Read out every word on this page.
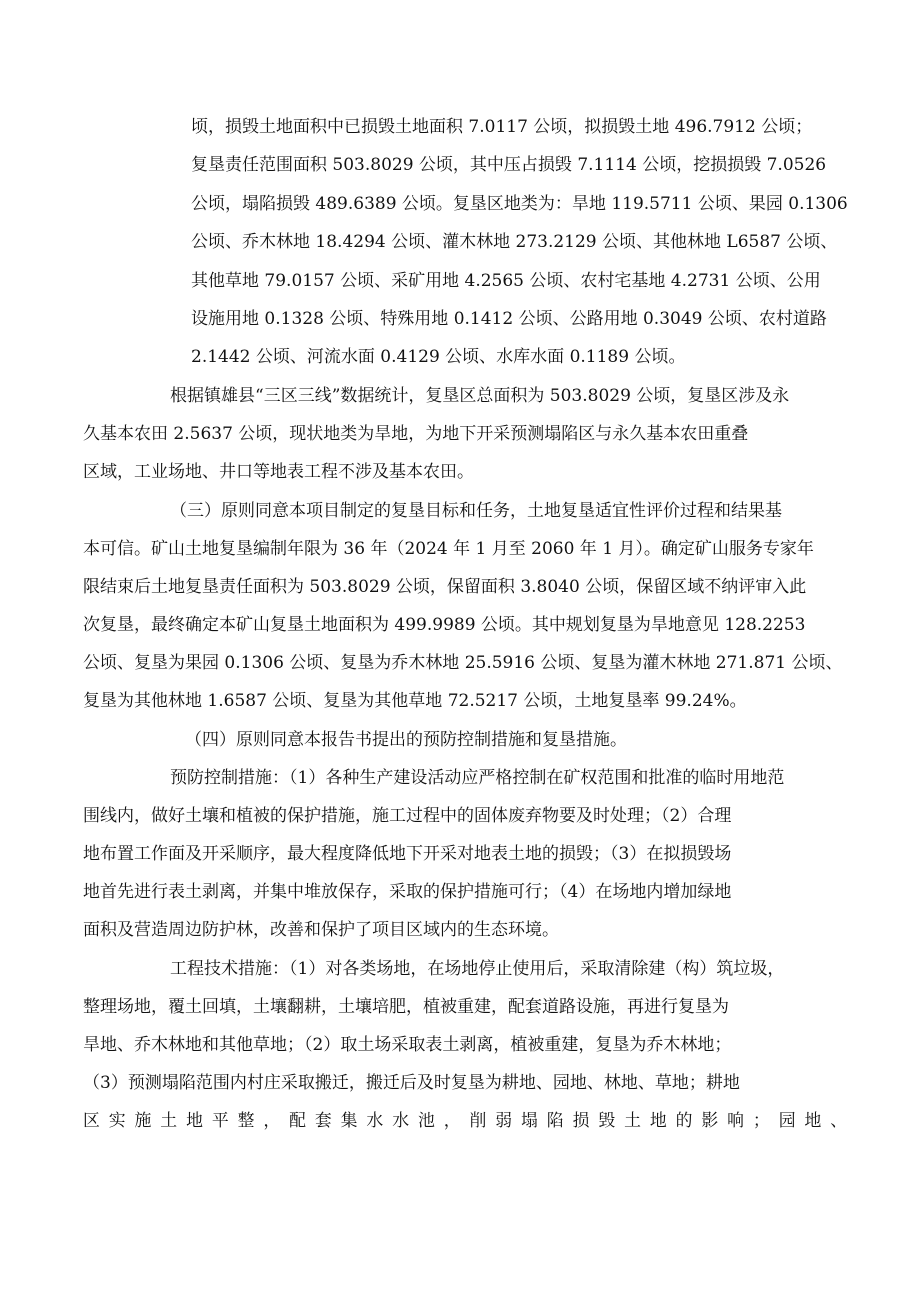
顷，损毁土地面积中已损毁土地面积 7.0117 公顷，拟损毁土地 496.7912 公顷；
复垦责任范围面积 503.8029 公顷，其中压占损毁 7.1114 公顷，挖损损毁 7.0526
公顷，塌陷损毁 489.6389 公顷。复垦区地类为：旱地 119.5711 公顷、果园 0.1306
公顷、乔木林地 18.4294 公顷、灌木林地 273.2129 公顷、其他林地 L6587 公顷、
其他草地 79.0157 公顷、采矿用地 4.2565 公顷、农村宅基地 4.2731 公顷、公用
设施用地 0.1328 公顷、特殊用地 0.1412 公顷、公路用地 0.3049 公顷、农村道路
2.1442 公顷、河流水面 0.4129 公顷、水库水面 0.1189 公顷。
根据镇雄县“三区三线”数据统计，复垦区总面积为 503.8029 公顷，复垦区涉及永
久基本农田 2.5637 公顷，现状地类为旱地，为地下开采预测塌陷区与永久基本农田重叠
区域，工业场地、井口等地表工程不涉及基本农田。
（三）原则同意本项目制定的复垦目标和任务，土地复垦适宜性评价过程和结果基
本可信。矿山土地复垦编制年限为 36 年（2024 年 1 月至 2060 年 1 月）。确定矿山服务专家年
限结束后土地复垦责任面积为 503.8029 公顷，保留面积 3.8040 公顷，保留区域不纳评审入此
次复垦，最终确定本矿山复垦土地面积为 499.9989 公顷。其中规划复垦为旱地意见 128.2253
公顷、复垦为果园 0.1306 公顷、复垦为乔木林地 25.5916 公顷、复垦为灌木林地 271.871 公顷、
复垦为其他林地 1.6587 公顷、复垦为其他草地 72.5217 公顷，土地复垦率 99.24%。
（四）原则同意本报告书提出的预防控制措施和复垦措施。
预防控制措施：（1）各种生产建设活动应严格控制在矿权范围和批准的临时用地范
围线内，做好土壤和植被的保护措施，施工过程中的固体废弃物要及时处理；（2）合理
地布置工作面及开采顺序，最大程度降低地下开采对地表土地的损毁；（3）在拟损毁场
地首先进行表土剥离，并集中堆放保存，采取的保护措施可行；（4）在场地内增加绿地
面积及营造周边防护林，改善和保护了项目区域内的生态环境。
工程技术措施：（1）对各类场地，在场地停止使用后，采取清除建（构）筑垃圾，
整理场地，覆土回填，土壤翻耕，土壤培肥，植被重建，配套道路设施，再进行复垦为
旱地、乔木林地和其他草地；（2）取土场采取表土剥离，植被重建，复垦为乔木林地；
（3）预测塌陷范围内村庄采取搬迁，搬迁后及时复垦为耕地、园地、林地、草地；耕地
区实施土地平整，配套集水水池，削弱塌陷损毁土地的影响；园地、
